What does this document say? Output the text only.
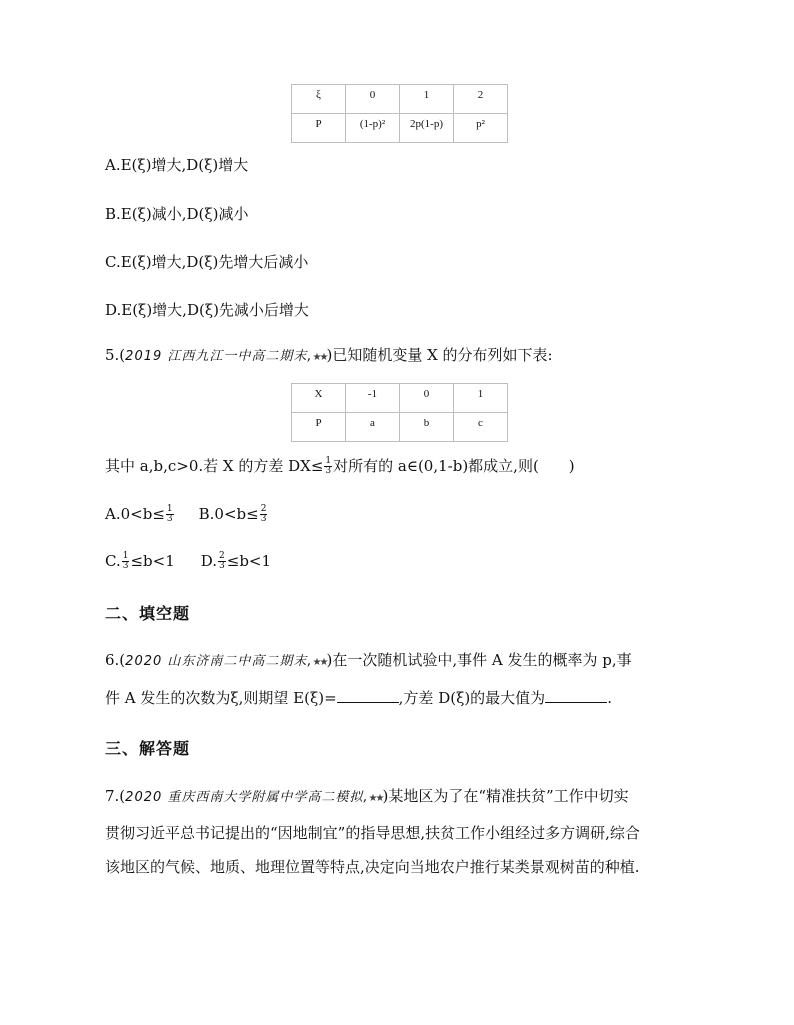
ξ	0	1	2
P	(1-p)²	2p(1-p)	p²
A.E(ξ)增大,D(ξ)增大
B.E(ξ)减小,D(ξ)减小
C.E(ξ)增大,D(ξ)先增大后减小
D.E(ξ)增大,D(ξ)先减小后增大
5.(2019 江西九江一中高二期末,★★)已知随机变量 X 的分布列如下表:
X	-1	0	1
P	a	b	c
其中 a,b,c>0.若 X 的方差 $DX\le \frac{1}{3}$ 对所有的 a∈(0,1-b)都成立,则( )
$A.0<b\le \frac{1}{3} B.0<b\le \frac{2}{3}$
C. $\frac{1}{3} \le b<1$ D. $\frac{2}{3} \le b<1$
二、填空题
6.(2020 山东济南二中高二期末,★★)在一次随机试验中,事件 A 发生的概率为 p,事
件 A 发生的次数为ξ,则期望 E(ξ)=	,方差 D(ξ)的最大值为	.
三、解答题
7.(2020 重庆西南大学附属中学高二模拟,★★)某地区为了在“精准扶贫”工作中切实
贯彻习近平总书记提出的“因地制宜”的指导思想,扶贫工作小组经过多方调研,综合
该地区的气候、地质、地理位置等特点,决定向当地农户推行某类景观树苗的种植.
